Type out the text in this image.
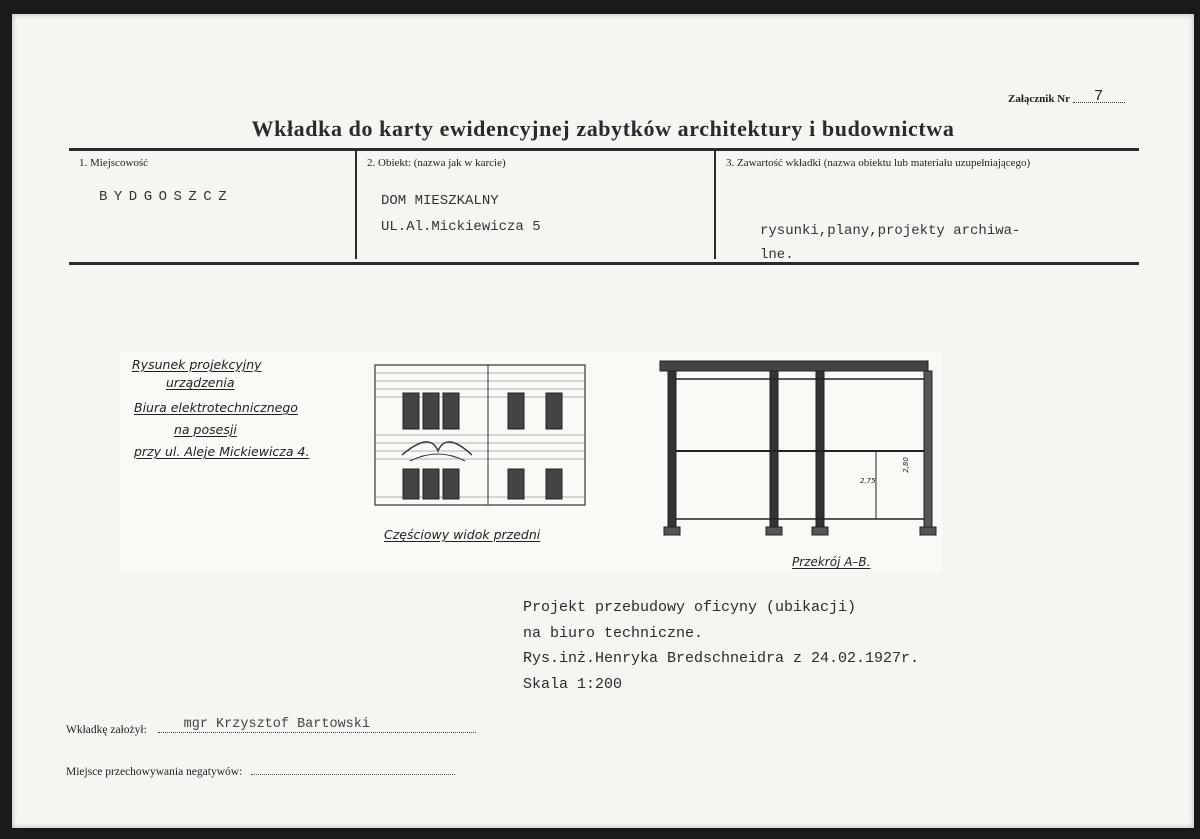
Załącznik Nr 7
Wkładka do karty ewidencyjnej zabytków architektury i budownictwa
1. Miejscowość
BYDGOSZCZ
2. Obiekt: (nazwa jak w karcie)
DOM MIESZKALNY
UL.Al.Mickiewicza 5
3. Zawartość wkładki (nazwa obiektu lub materiału uzupełniającego)
rysunki,plany,projekty archiwa-
lne.
Rysunek projekcyjny
urządzenia
Biura elektrotechnicznego
na posesji
przy ul. Aleje Mickiewicza 4.
Częściowy widok przedni
Przekrój A–B.
2,75
2,80
Projekt przebudowy oficyny (ubikacji)
na biuro techniczne.
Rys.inż.Henryka Bredschneidra z 24.02.1927r.
Skala 1:200
Wkładkę założył:	mgr Krzysztof Bartowski
Miejsce przechowywania negatywów:
